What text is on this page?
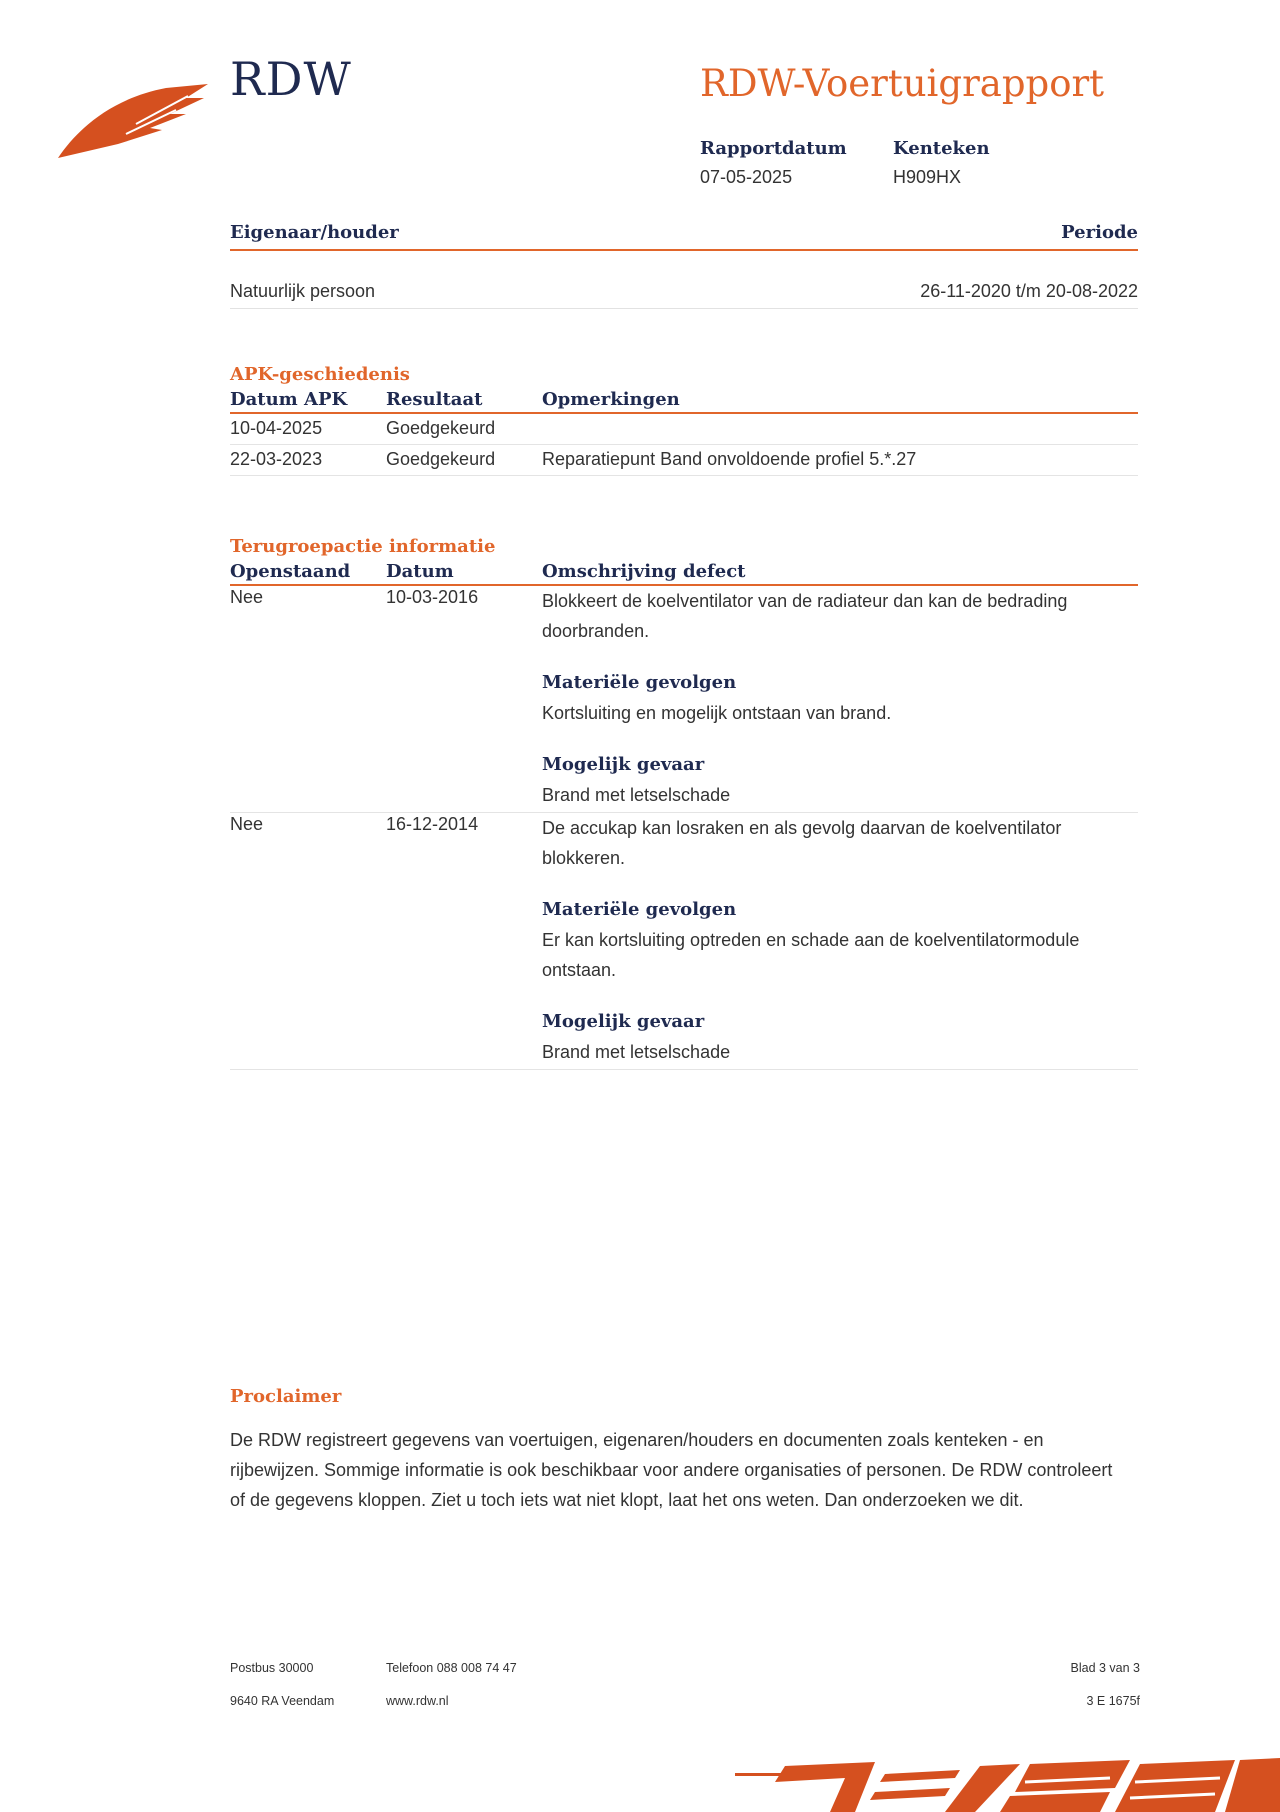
RDW	RDW-Voertuigrapport
Rapportdatum
07-05-2025
Kenteken
H909HX
Eigenaar/houder	Periode
Natuurlijk persoon	26-11-2020 t/m 20-08-2022
APK-geschiedenis
Datum APK	Resultaat	Opmerkingen
10-04-2025	Goedgekeurd
22-03-2023	Goedgekeurd	Reparatiepunt Band onvoldoende profiel 5.*.27
Terugroepactie informatie
Openstaand	Datum	Omschrijving defect
Nee	10-03-2016	Blokkeert de koelventilator van de radiateur dan kan de bedrading doorbranden.

Materiële gevolgen

Kortsluiting en mogelijk ontstaan van brand.

Mogelijk gevaar

Brand met letselschade

Nee	16-12-2014	De accukap kan losraken en als gevolg daarvan de koelventilator blokkeren.

Materiële gevolgen

Er kan kortsluiting optreden en schade aan de koelventilatormodule ontstaan.

Mogelijk gevaar

Brand met letselschade

Proclaimer

De RDW registreert gegevens van voertuigen, eigenaren/houders en documenten zoals kenteken - en rijbewijzen. Sommige informatie is ook beschikbaar voor andere organisaties of personen. De RDW controleert of de gegevens kloppen. Ziet u toch iets wat niet klopt, laat het ons weten. Dan onderzoeken we dit.

Postbus 30000
9640 RA Veendam
Telefoon 088 008 74 47
www.rdw.nl
Blad 3 van 3
3 E 1675f
